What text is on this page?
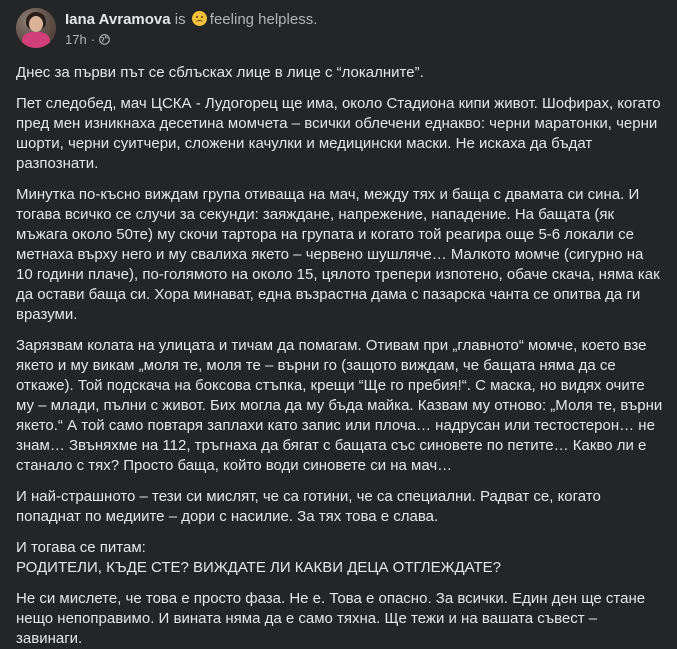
Iana Avramova is feeling helpless.
17h ·

Днес за първи път се сблъсках лице в лице с “локалните”.

Пет следобед, мач ЦСКА - Лудогорец ще има, около Стадиона кипи живот. Шофирах, когато пред мен изникнаха десетина момчета – всички облечени еднакво: черни маратонки, черни шорти, черни суитчери, сложени качулки и медицински маски. Не искаха да бъдат разпознати.

Минутка по-късно виждам група отиваща на мач, между тях и баща с двамата си сина. И тогава всичко се случи за секунди: заяждане, напрежение, нападение. На бащата (як мъжага около 50те) му скочи тартора на групата и когато той реагира още 5-6 локали се метнаха върху него и му свалиха якето – червено шушляче… Малкото момче (сигурно на 10 години плаче), по-голямото на около 15, цялото трепери изпотено, обаче скача, няма как да остави баща си. Хора минават, една възрастна дама с пазарска чанта се опитва да ги вразуми.

Зарязвам колата на улицата и тичам да помагам. Отивам при „главното“ момче, което взе якето и му викам „моля те, моля те – върни го (защото виждам, че бащата няма да се откаже). Той подскача на боксова стъпка, крещи “Ще го пребия!“. С маска, но видях очите му – млади, пълни с живот. Бих могла да му бъда майка. Казвам му отново: „Моля те, върни якето.“ А той само повтаря заплахи като запис или плоча… надрусан или тестостерон… не знам… Звъняхме на 112, тръгнаха да бягат с бащата със синовете по петите… Какво ли е станало с тях? Просто баща, който води синовете си на мач…

И най-страшното – тези си мислят, че са готини, че са специални. Радват се, когато попаднат по медиите – дори с насилие. За тях това е слава.

И тогава се питам:

РОДИТЕЛИ, КЪДЕ СТЕ? ВИЖДАТЕ ЛИ КАКВИ ДЕЦА ОТГЛЕЖДАТЕ?

Не си мислете, че това е просто фаза. Не е. Това е опасно. За всички. Един ден ще стане нещо непоправимо. И вината няма да е само тяхна. Ще тежи и на вашата съвест – завинаги.
